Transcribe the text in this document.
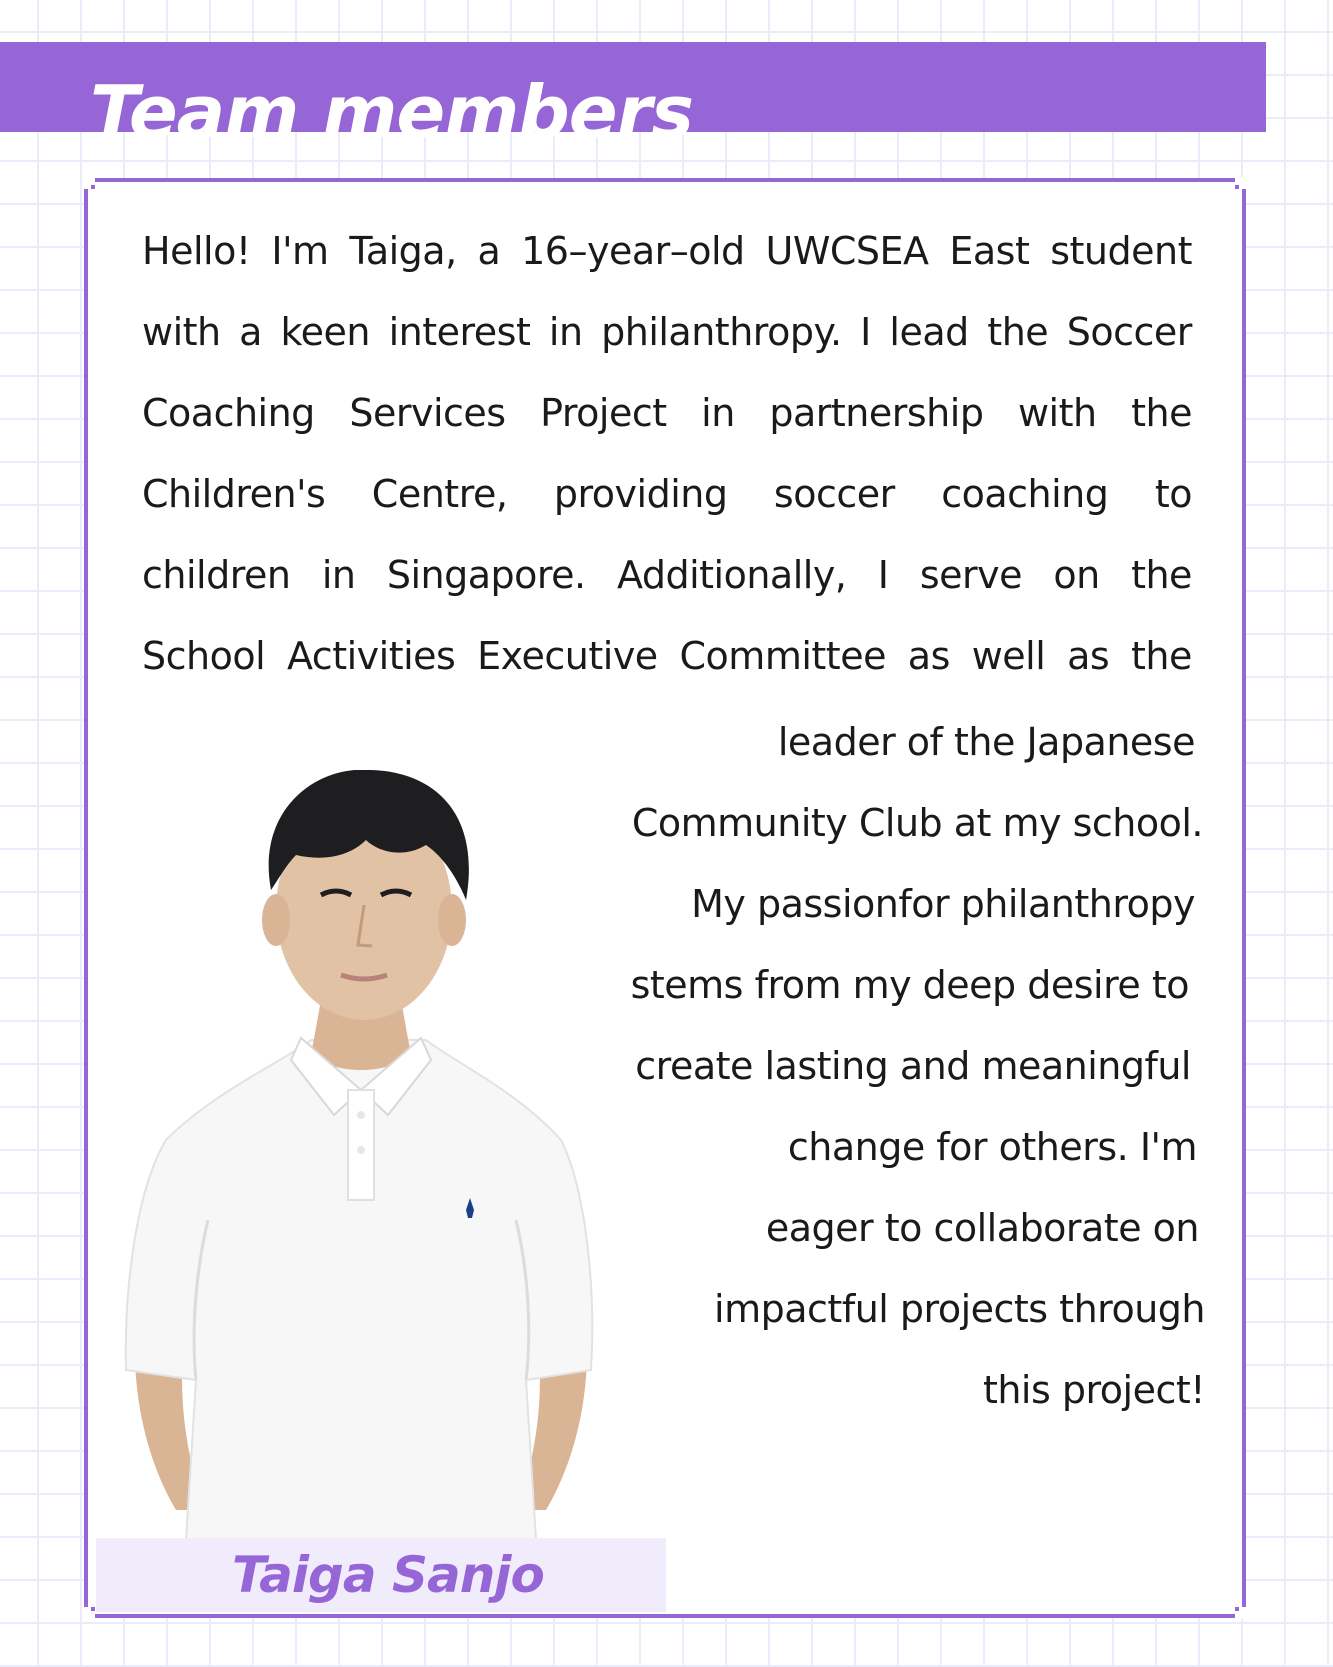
Team members
Hello! I'm Taiga, a 16–year–old UWCSEA East student
with a keen interest in philanthropy. I lead the Soccer
Coaching Services Project in partnership with the
Children's Centre, providing soccer coaching to
children in Singapore. Additionally, I serve on the
School Activities Executive Committee as well as the
leader of the Japanese
Community Club at my school.
My passionfor philanthropy
stems from my deep desire to
create lasting and meaningful
change for others. I'm
eager to collaborate on
impactful projects through
this project!
Taiga Sanjo
